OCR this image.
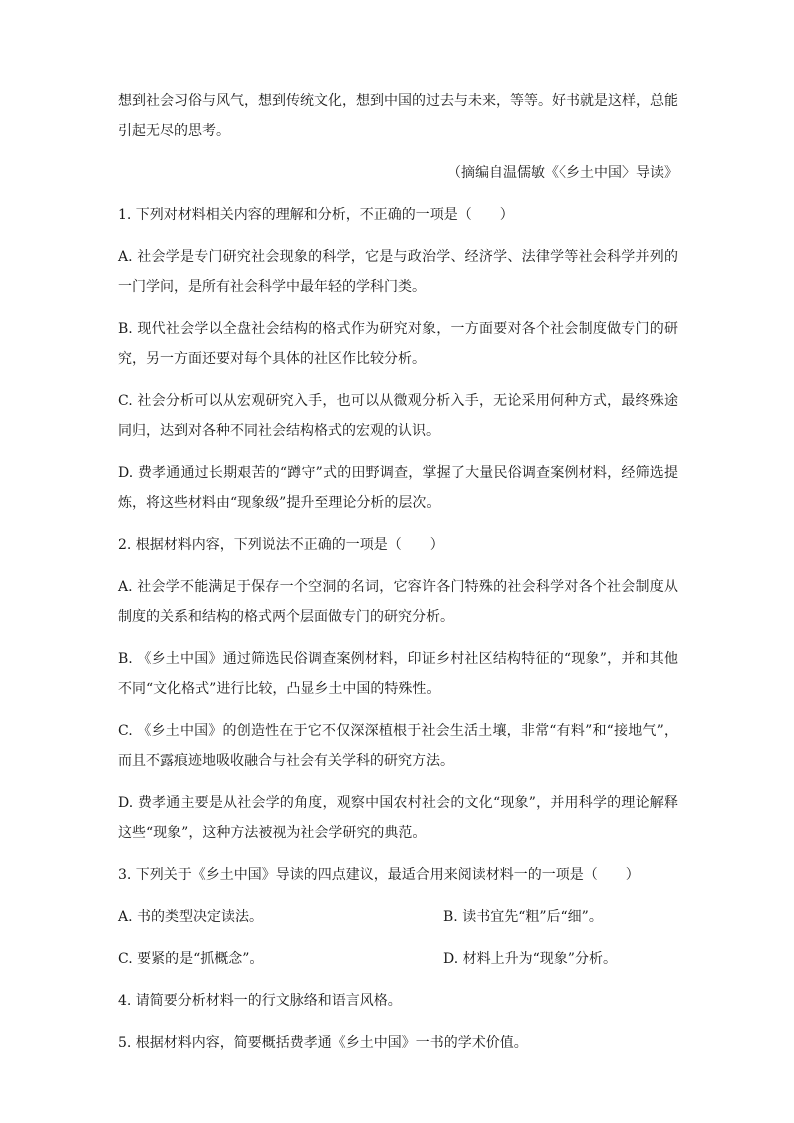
想到社会习俗与风气，想到传统文化，想到中国的过去与未来，等等。好书就是这样，总能引起无尽的思考。

（摘编自温儒敏《〈乡土中国〉导读》

1. 下列对材料相关内容的理解和分析，不正确的一项是（　　）

A. 社会学是专门研究社会现象的科学，它是与政治学、经济学、法律学等社会科学并列的一门学问，是所有社会科学中最年轻的学科门类。

B. 现代社会学以全盘社会结构的格式作为研究对象，一方面要对各个社会制度做专门的研究，另一方面还要对每个具体的社区作比较分析。

C. 社会分析可以从宏观研究入手，也可以从微观分析入手，无论采用何种方式，最终殊途同归，达到对各种不同社会结构格式的宏观的认识。

D. 费孝通通过长期艰苦的“蹲守”式的田野调查，掌握了大量民俗调查案例材料，经筛选提炼，将这些材料由“现象级”提升至理论分析的层次。

2. 根据材料内容，下列说法不正确的一项是（　　）

A. 社会学不能满足于保存一个空洞的名词，它容许各门特殊的社会科学对各个社会制度从制度的关系和结构的格式两个层面做专门的研究分析。

B. 《乡土中国》通过筛选民俗调查案例材料，印证乡村社区结构特征的“现象”，并和其他不同“文化格式”进行比较，凸显乡土中国的特殊性。

C. 《乡土中国》的创造性在于它不仅深深植根于社会生活土壤，非常“有料”和“接地气”，而且不露痕迹地吸收融合与社会有关学科的研究方法。

D. 费孝通主要是从社会学的角度，观察中国农村社会的文化“现象”，并用科学的理论解释这些“现象”，这种方法被视为社会学研究的典范。

3. 下列关于《乡土中国》导读的四点建议，最适合用来阅读材料一的一项是（　　）

A. 书的类型决定读法。	B. 读书宜先“粗”后“细”。
C. 要紧的是“抓概念”。	D. 材料上升为“现象”分析。

4. 请简要分析材料一的行文脉络和语言风格。

5. 根据材料内容，简要概括费孝通《乡土中国》一书的学术价值。
